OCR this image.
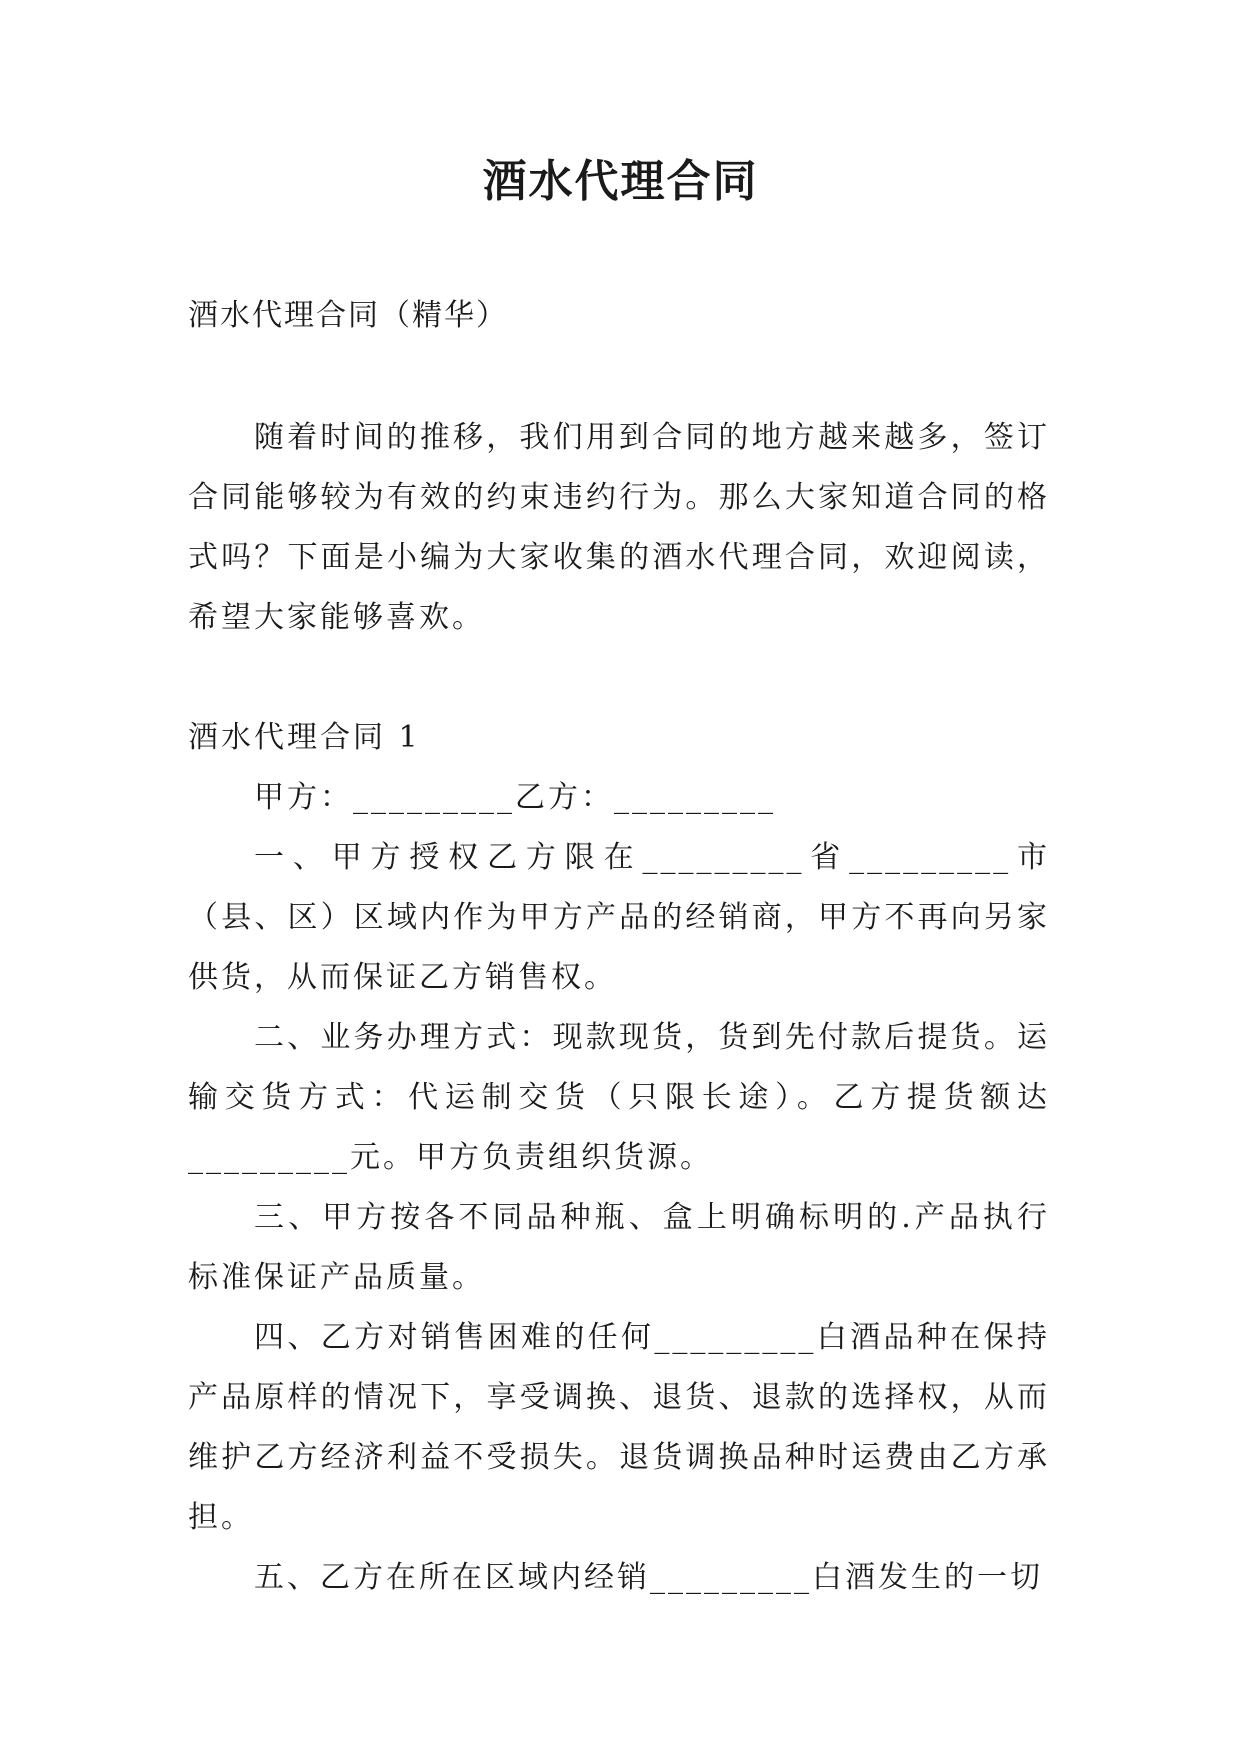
酒水代理合同
酒水代理合同（精华）

随着时间的推移，我们用到合同的地方越来越多，签订合同能够较为有效的约束违约行为。那么大家知道合同的格式吗？下面是小编为大家收集的酒水代理合同，欢迎阅读，希望大家能够喜欢。

酒水代理合同 1

甲方：_________乙方：_________

一、甲方授权乙方限在_________省_________市（县、区）区域内作为甲方产品的经销商，甲方不再向另家供货，从而保证乙方销售权。

二、业务办理方式：现款现货，货到先付款后提货。运输交货方式：代运制交货（只限长途）。乙方提货额达_________元。甲方负责组织货源。

三、甲方按各不同品种瓶、盒上明确标明的.产品执行标准保证产品质量。

四、乙方对销售困难的任何_________白酒品种在保持产品原样的情况下，享受调换、退货、退款的选择权，从而维护乙方经济利益不受损失。退货调换品种时运费由乙方承担。

五、乙方在所在区域内经销_________白酒发生的一切
